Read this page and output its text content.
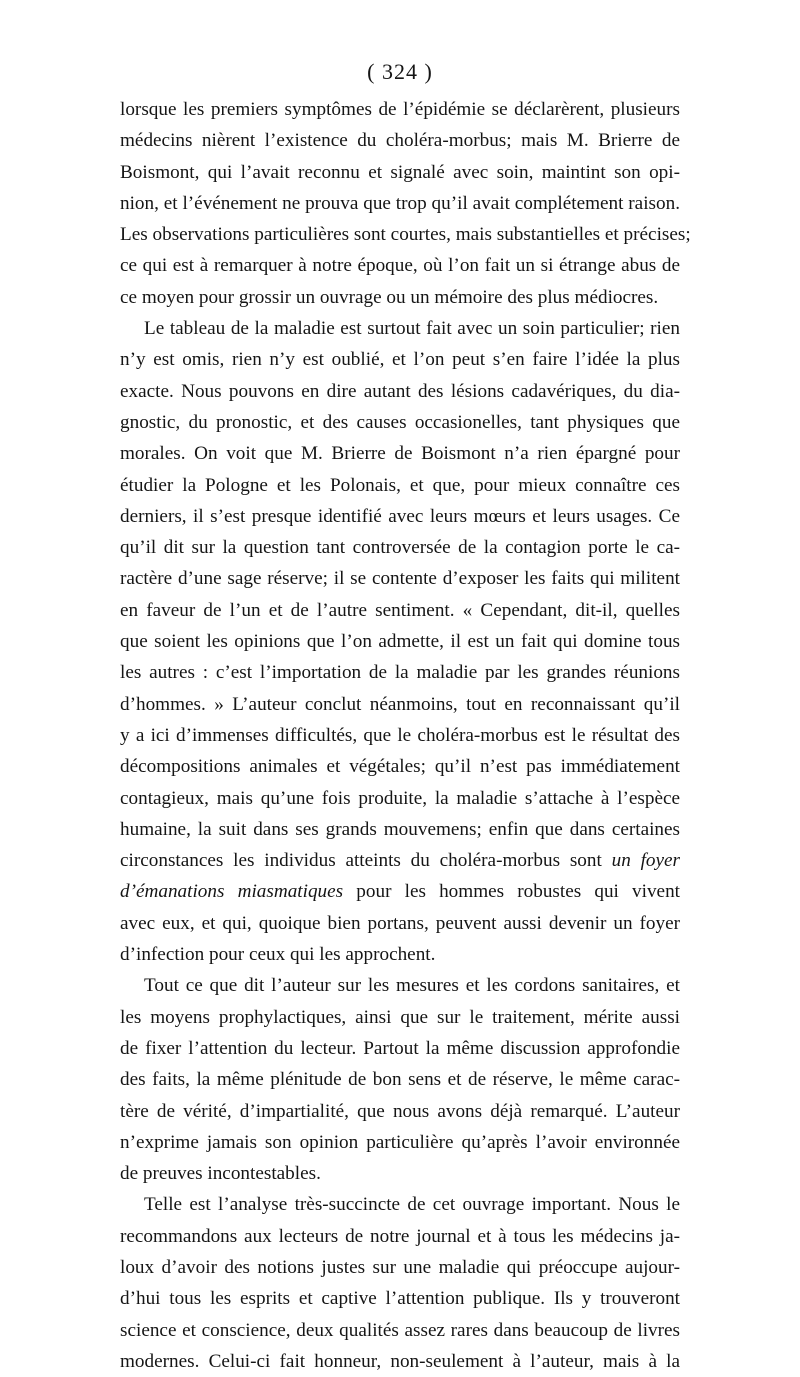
( 324 )
lorsque les premiers symptômes de l’épidémie se déclarèrent, plusieurs
médecins nièrent l’existence du choléra-morbus; mais M. Brierre de
Boismont, qui l’avait reconnu et signalé avec soin, maintint son opi-
nion, et l’événement ne prouva que trop qu’il avait complétement raison.
Les observations particulières sont courtes, mais substantielles et précises;
ce qui est à remarquer à notre époque, où l’on fait un si étrange abus de
ce moyen pour grossir un ouvrage ou un mémoire des plus médiocres.
Le tableau de la maladie est surtout fait avec un soin particulier; rien
n’y est omis, rien n’y est oublié, et l’on peut s’en faire l’idée la plus
exacte. Nous pouvons en dire autant des lésions cadavériques, du dia-
gnostic, du pronostic, et des causes occasionelles, tant physiques que
morales. On voit que M. Brierre de Boismont n’a rien épargné pour
étudier la Pologne et les Polonais, et que, pour mieux connaître ces
derniers, il s’est presque identifié avec leurs mœurs et leurs usages. Ce
qu’il dit sur la question tant controversée de la contagion porte le ca-
ractère d’une sage réserve; il se contente d’exposer les faits qui militent
en faveur de l’un et de l’autre sentiment. « Cependant, dit-il, quelles
que soient les opinions que l’on admette, il est un fait qui domine tous
les autres : c’est l’importation de la maladie par les grandes réunions
d’hommes. » L’auteur conclut néanmoins, tout en reconnaissant qu’il
y a ici d’immenses difficultés, que le choléra-morbus est le résultat des
décompositions animales et végétales; qu’il n’est pas immédiatement
contagieux, mais qu’une fois produite, la maladie s’attache à l’espèce
humaine, la suit dans ses grands mouvemens; enfin que dans certaines
circonstances les individus atteints du choléra-morbus sont un foyer
d’émanations miasmatiques pour les hommes robustes qui vivent
avec eux, et qui, quoique bien portans, peuvent aussi devenir un foyer
d’infection pour ceux qui les approchent.
Tout ce que dit l’auteur sur les mesures et les cordons sanitaires, et
les moyens prophylactiques, ainsi que sur le traitement, mérite aussi
de fixer l’attention du lecteur. Partout la même discussion approfondie
des faits, la même plénitude de bon sens et de réserve, le même carac-
tère de vérité, d’impartialité, que nous avons déjà remarqué. L’auteur
n’exprime jamais son opinion particulière qu’après l’avoir environnée
de preuves incontestables.
Telle est l’analyse très-succincte de cet ouvrage important. Nous le
recommandons aux lecteurs de notre journal et à tous les médecins ja-
loux d’avoir des notions justes sur une maladie qui préoccupe aujour-
d’hui tous les esprits et captive l’attention publique. Ils y trouveront
science et conscience, deux qualités assez rares dans beaucoup de livres
modernes. Celui-ci fait honneur, non-seulement à l’auteur, mais à la
